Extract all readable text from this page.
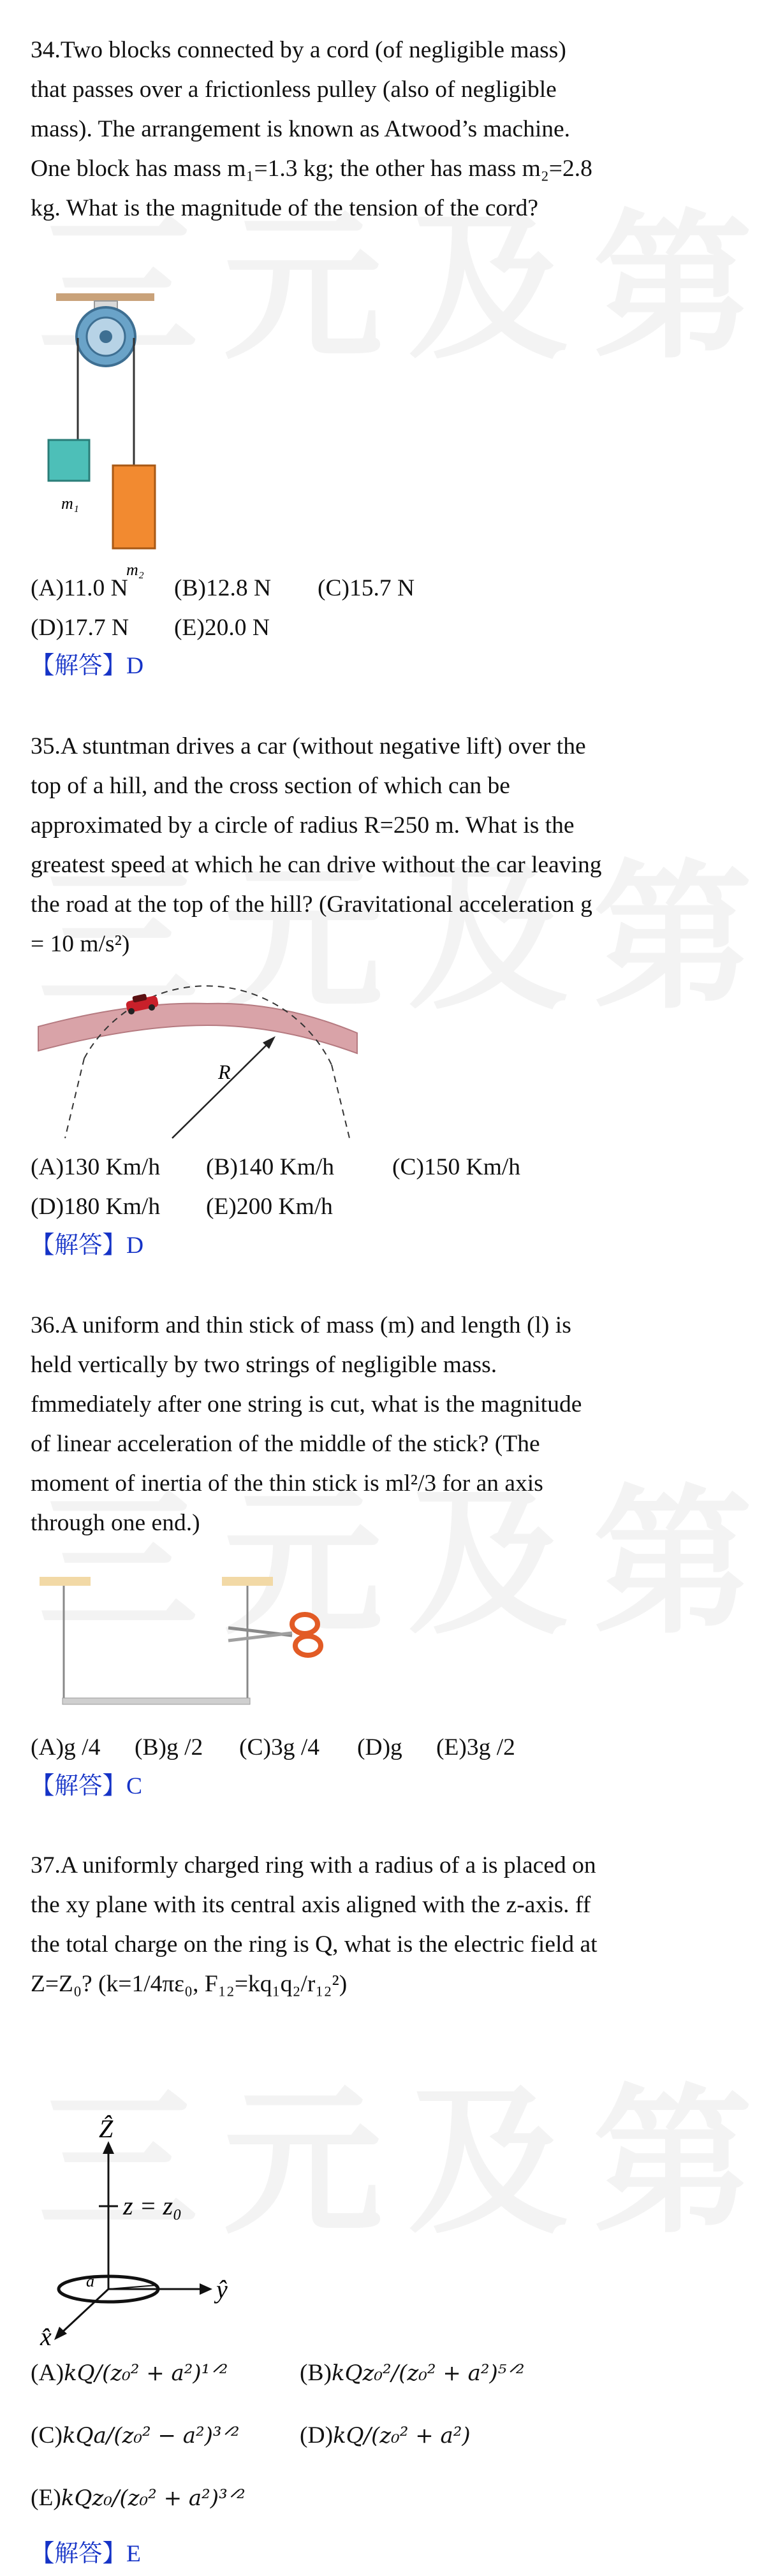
34.Two blocks connected by a cord (of negligible mass) that passes over a frictionless pulley (also of negligible mass). The arrangement is known as Atwood’s machine. One block has mass m₁=1.3 kg; the other has mass m₂=2.8 kg. What is the magnitude of the tension of the cord?
m₁
m₂
(A)11.0 N (B)12.8 N (C)15.7 N
(D)17.7 N (E)20.0 N
【解答】D
35.A stuntman drives a car (without negative lift) over the top of a hill, and the cross section of which can be approximated by a circle of radius R=250 m. What is the greatest speed at which he can drive without the car leaving the road at the top of the hill? (Gravitational acceleration g = 10 m/s²)
R
(A)130 Km/h (B)140 Km/h (C)150 Km/h
(D)180 Km/h (E)200 Km/h
【解答】D
36.A uniform and thin stick of mass (m) and length (l) is held vertically by two strings of negligible mass. fmmediately after one string is cut, what is the magnitude of linear acceleration of the middle of the stick? (The moment of inertia of the thin stick is ml²/3 for an axis through one end.)
(A)g /4 (B)g /2 (C)3g /4 (D)g (E)3g /2
【解答】C
37.A uniformly charged ring with a radius of a is placed on the xy plane with its central axis aligned with the z-axis. ff the total charge on the ring is Q, what is the electric field at Z=Z₀? (k=1/4πε₀, F₁₂=kq₁q₂/r₁₂²)
Ẑ
z = z₀
ŷ
a
x̂
(A)kQ/(z₀² + a²)¹ᐟ²	(B)kQz₀²/(z₀² + a²)⁵ᐟ²
(C)kQa/(z₀² − a²)³ᐟ²	(D)kQ/(z₀² + a²)
(E)kQz₀/(z₀² + a²)³ᐟ²
【解答】E
